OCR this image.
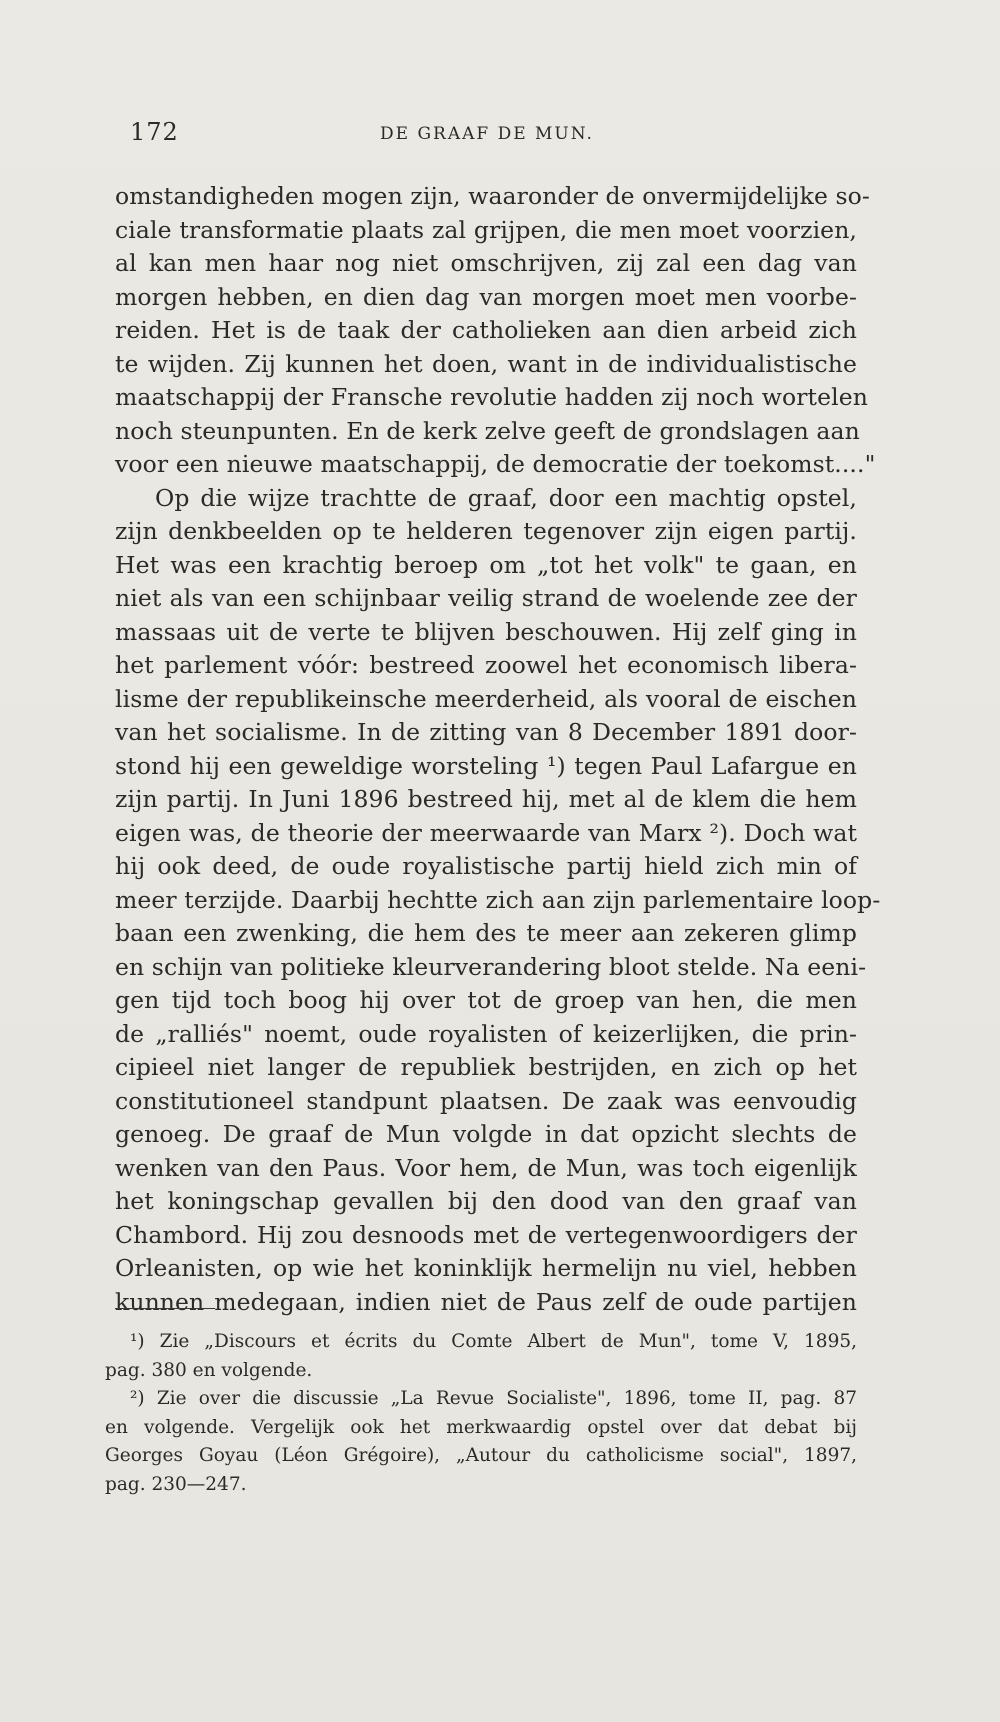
172	DE GRAAF DE MUN.
omstandigheden mogen zijn, waaronder de onvermijdelijke so-
ciale transformatie plaats zal grijpen, die men moet voorzien,
al kan men haar nog niet omschrijven, zij zal een dag van
morgen hebben, en dien dag van morgen moet men voorbe-
reiden. Het is de taak der catholieken aan dien arbeid zich
te wijden. Zij kunnen het doen, want in de individualistische
maatschappij der Fransche revolutie hadden zij noch wortelen
noch steunpunten. En de kerk zelve geeft de grondslagen aan
voor een nieuwe maatschappij, de democratie der toekomst...."
Op die wijze trachtte de graaf, door een machtig opstel,
zijn denkbeelden op te helderen tegenover zijn eigen partij.
Het was een krachtig beroep om „tot het volk" te gaan, en
niet als van een schijnbaar veilig strand de woelende zee der
massaas uit de verte te blijven beschouwen. Hij zelf ging in
het parlement vóór: bestreed zoowel het economisch libera-
lisme der republikeinsche meerderheid, als vooral de eischen
van het socialisme. In de zitting van 8 December 1891 door-
stond hij een geweldige worsteling ¹) tegen Paul Lafargue en
zijn partij. In Juni 1896 bestreed hij, met al de klem die hem
eigen was, de theorie der meerwaarde van Marx ²). Doch wat
hij ook deed, de oude royalistische partij hield zich min of
meer terzijde. Daarbij hechtte zich aan zijn parlementaire loop-
baan een zwenking, die hem des te meer aan zekeren glimp
en schijn van politieke kleurverandering bloot stelde. Na eeni-
gen tijd toch boog hij over tot de groep van hen, die men
de „ralliés" noemt, oude royalisten of keizerlijken, die prin-
cipieel niet langer de republiek bestrijden, en zich op het
constitutioneel standpunt plaatsen. De zaak was eenvoudig
genoeg. De graaf de Mun volgde in dat opzicht slechts de
wenken van den Paus. Voor hem, de Mun, was toch eigenlijk
het koningschap gevallen bij den dood van den graaf van
Chambord. Hij zou desnoods met de vertegenwoordigers der
Orleanisten, op wie het koninklijk hermelijn nu viel, hebben
kunnen medegaan, indien niet de Paus zelf de oude partijen
¹) Zie „Discours et écrits du Comte Albert de Mun", tome V, 1895,
pag. 380 en volgende.
²) Zie over die discussie „La Revue Socialiste", 1896, tome II, pag. 87
en volgende. Vergelijk ook het merkwaardig opstel over dat debat bij
Georges Goyau (Léon Grégoire), „Autour du catholicisme social", 1897,
pag. 230—247.
